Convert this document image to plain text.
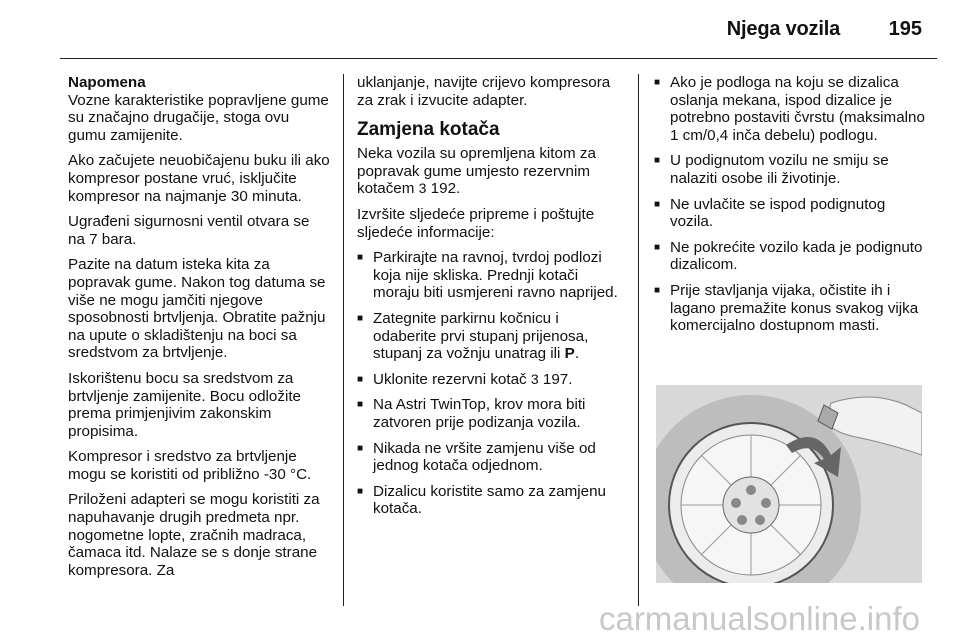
Njega vozila 195

Napomena

Vozne karakteristike popravljene gume su značajno drugačije, stoga ovu gumu zamijenite.

Ako začujete neuobičajenu buku ili ako kompresor postane vruć, isključite kompresor na najmanje 30 minuta.

Ugrađeni sigurnosni ventil otvara se na 7 bara.

Pazite na datum isteka kita za popravak gume. Nakon tog datuma se više ne mogu jamčiti njegove sposobnosti brtvljenja. Obratite pažnju na upute o skladištenju na boci sa sredstvom za brtvljenje.

Iskorištenu bocu sa sredstvom za brtvljenje zamijenite. Bocu odložite prema primjenjivim zakonskim propisima.

Kompresor i sredstvo za brtvljenje mogu se koristiti od približno -30 °C.

Priloženi adapteri se mogu koristiti za napuhavanje drugih predmeta npr. nogometne lopte, zračnih madraca, čamaca itd. Nalaze se s donje strane kompresora. Za

uklanjanje, navijte crijevo kompresora za zrak i izvucite adapter.

Zamjena kotača

Neka vozila su opremljena kitom za popravak gume umjesto rezervnim kotačem 3 192.

Izvršite sljedeće pripreme i poštujte sljedeće informacije:

■ Parkirajte na ravnoj, tvrdoj podlozi koja nije skliska. Prednji kotači moraju biti usmjereni ravno naprijed.
■ Zategnite parkirnu kočnicu i odaberite prvi stupanj prijenosa, stupanj za vožnju unatrag ili P.
■ Uklonite rezervni kotač 3 197.
■ Na Astri TwinTop, krov mora biti zatvoren prije podizanja vozila.
■ Nikada ne vršite zamjenu više od jednog kotača odjednom.
■ Dizalicu koristite samo za zamjenu kotača.
■ Ako je podloga na koju se dizalica oslanja mekana, ispod dizalice je potrebno postaviti čvrstu (maksimalno 1 cm/0,4 inča debelu) podlogu.
■ U podignutom vozilu ne smiju se nalaziti osobe ili životinje.
■ Ne uvlačite se ispod podignutog vozila.
■ Ne pokrećite vozilo kada je podignuto dizalicom.
■ Prije stavljanja vijaka, očistite ih i lagano premažite konus svakog vijka komercijalno dostupnom masti.
carmanualsonline.info
